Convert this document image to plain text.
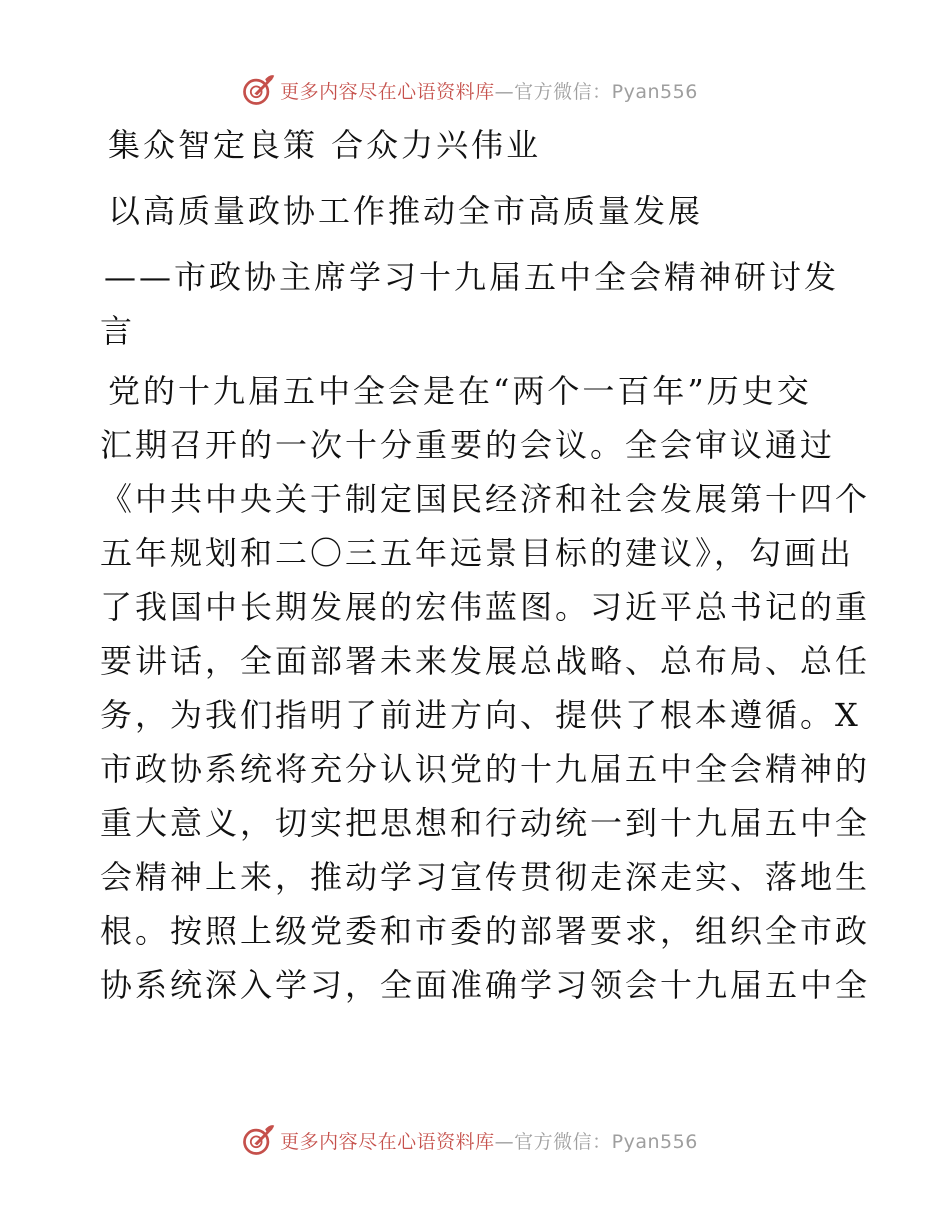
更多内容尽在心语资料库—官方微信：Pyan556
集众智定良策 合众力兴伟业
以高质量政协工作推动全市高质量发展
——市政协主席学习十九届五中全会精神研讨发
言
党的十九届五中全会是在“两个一百年”历史交
汇期召开的一次十分重要的会议。全会审议通过
《中共中央关于制定国民经济和社会发展第十四个
五年规划和二〇三五年远景目标的建议》，勾画出
了我国中长期发展的宏伟蓝图。习近平总书记的重
要讲话，全面部署未来发展总战略、总布局、总任
务，为我们指明了前进方向、提供了根本遵循。X
市政协系统将充分认识党的十九届五中全会精神的
重大意义，切实把思想和行动统一到十九届五中全
会精神上来，推动学习宣传贯彻走深走实、落地生
根。按照上级党委和市委的部署要求，组织全市政
协系统深入学习，全面准确学习领会十九届五中全
更多内容尽在心语资料库—官方微信：Pyan556
